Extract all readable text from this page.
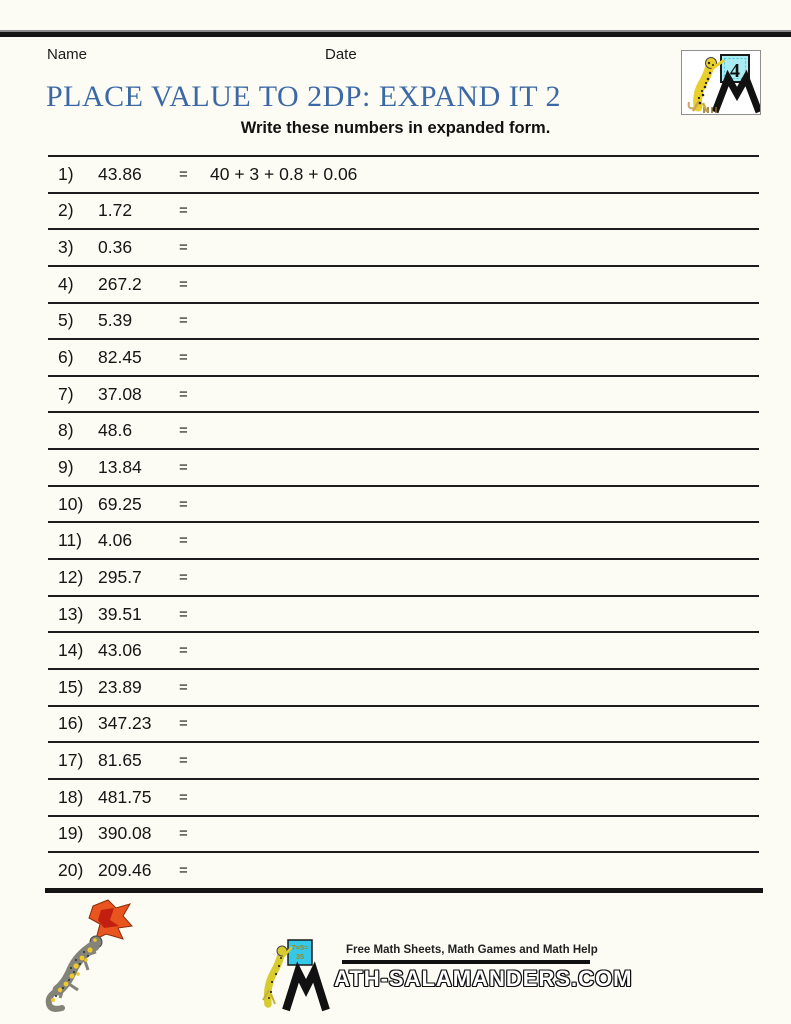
Name	Date
4
PLACE VALUE TO 2DP: EXPAND IT 2
Write these numbers in expanded form.
1)	43.86	=	40 + 3 + 0.8 + 0.06
2)	1.72	=
3)	0.36	=
4)	267.2	=
5)	5.39	=
6)	82.45	=
7)	37.08	=
8)	48.6	=
9)	13.84	=
10) 69.25	=
11) 4.06	=
12) 295.7	=
13) 39.51	=
14) 43.06	=
15) 23.89	=
16) 347.23	=
17) 81.65	=
18) 481.75	=
19) 390.08	=
20) 209.46	=
7×5=
35
Free Math Sheets, Math Games and Math Help
ATH-SALAMANDERS.COM
